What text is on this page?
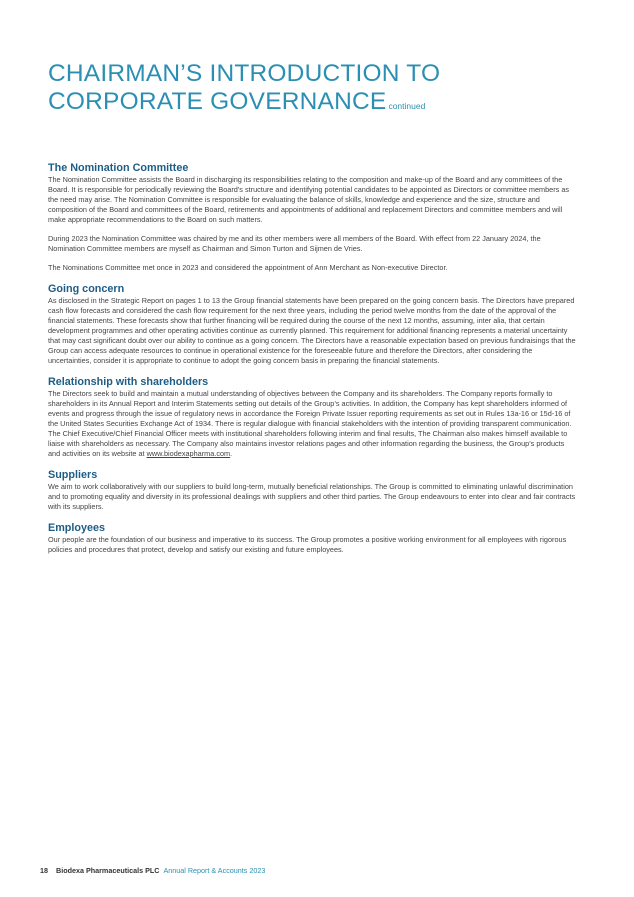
CHAIRMAN’S INTRODUCTION TO
CORPORATE GOVERNANCE continued
The Nomination Committee

The Nomination Committee assists the Board in discharging its responsibilities relating to the composition and make-up of the Board and any committees of the Board. It is responsible for periodically reviewing the Board’s structure and identifying potential candidates to be appointed as Directors or committee members as the need may arise. The Nomination Committee is responsible for evaluating the balance of skills, knowledge and experience and the size, structure and composition of the Board and committees of the Board, retirements and appointments of additional and replacement Directors and committee members and will make appropriate recommendations to the Board on such matters.

During 2023 the Nomination Committee was chaired by me and its other members were all members of the Board. With effect from 22 January 2024, the Nomination Committee members are myself as Chairman and Simon Turton and Sijmen de Vries.

The Nominations Committee met once in 2023 and considered the appointment of Ann Merchant as Non-executive Director.

Going concern

As disclosed in the Strategic Report on pages 1 to 13 the Group financial statements have been prepared on the going concern basis. The Directors have prepared cash flow forecasts and considered the cash flow requirement for the next three years, including the period twelve months from the date of the approval of the financial statements. These forecasts show that further financing will be required during the course of the next 12 months, assuming, inter alia, that certain development programmes and other operating activities continue as currently planned. This requirement for additional financing represents a material uncertainty that may cast significant doubt over our ability to continue as a going concern. The Directors have a reasonable expectation based on previous fundraisings that the Group can access adequate resources to continue in operational existence for the foreseeable future and therefore the Directors, after considering the uncertainties, consider it is appropriate to continue to adopt the going concern basis in preparing the financial statements.

Relationship with shareholders

The Directors seek to build and maintain a mutual understanding of objectives between the Company and its shareholders. The Company reports formally to shareholders in its Annual Report and Interim Statements setting out details of the Group’s activities. In addition, the Company has kept shareholders informed of events and progress through the issue of regulatory news in accordance the Foreign Private Issuer reporting requirements as set out in Rules 13a-16 or 15d-16 of the United States Securities Exchange Act of 1934. There is regular dialogue with financial stakeholders with the intention of providing transparent communication. The Chief Executive/Chief Financial Officer meets with institutional shareholders following interim and final results, The Chairman also makes himself available to liaise with shareholders as necessary. The Company also maintains investor relations pages and other information regarding the business, the Group’s products and activities on its website at www.biodexapharma.com.

Suppliers

We aim to work collaboratively with our suppliers to build long-term, mutually beneficial relationships. The Group is committed to eliminating unlawful discrimination and to promoting equality and diversity in its professional dealings with suppliers and other third parties. The Group endeavours to enter into clear and fair contracts with its suppliers.

Employees

Our people are the foundation of our business and imperative to its success. The Group promotes a positive working environment for all employees with rigorous policies and procedures that protect, develop and satisfy our existing and future employees.

18 Biodexa Pharmaceuticals PLC Annual Report & Accounts 2023
